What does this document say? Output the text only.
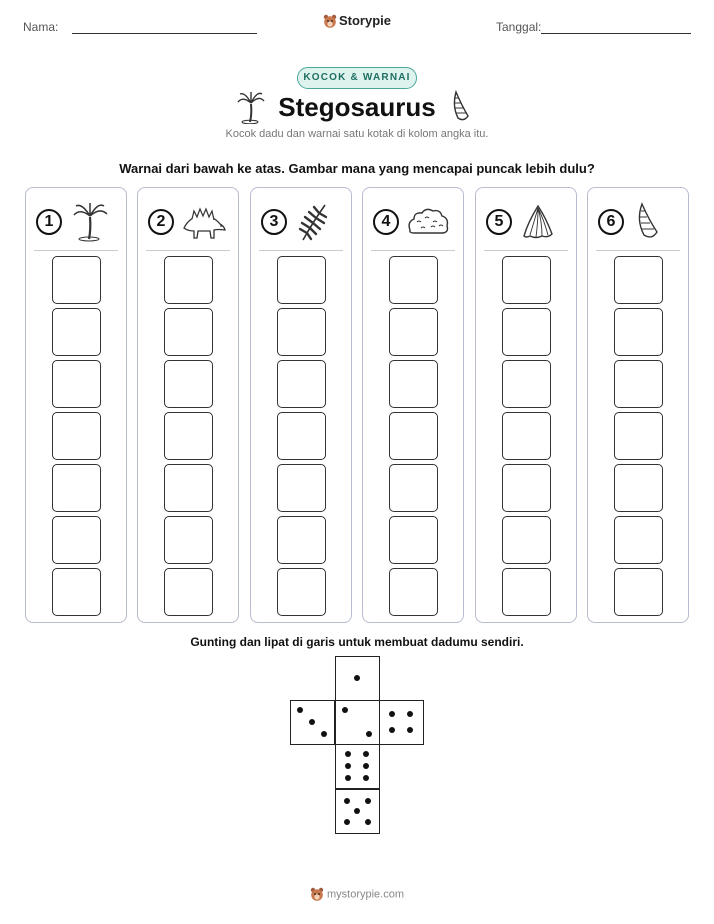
Nama:	Storypie	Tanggal:
KOCOK & WARNAI
Stegosaurus
Kocok dadu dan warnai satu kotak di kolom angka itu.
Warnai dari bawah ke atas. Gambar mana yang mencapai puncak lebih dulu?
1	2	3	4	5	6
Gunting dan lipat di garis untuk membuat dadumu sendiri.
mystorypie.com
